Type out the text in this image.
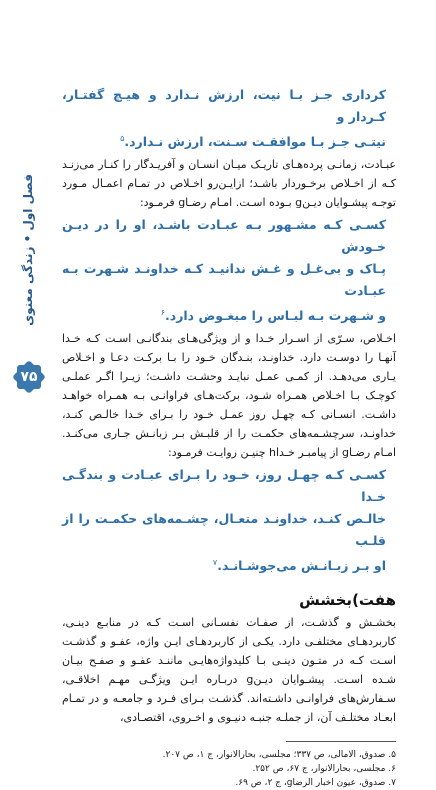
فصل اول • زندگی معنوی
۷۵
کرداری جـز بـا نیت، ارزش نـدارد و هیـچ گفتـار، کـردار و
نیتـی جـز بـا موافقـت سـنت، ارزش نـدارد.$^۵$

عبـادت، زمانـی پرده‌هـای تاریـک میـان انسـان و آفریـدگار را کنـار می‌زنـد کـه از اخـلاص برخـوردار باشـد؛ ازایـن‌رو اخـلاص در تمـام اعمـال مـورد توجـه پیشـوایان دیـنg بـوده اسـت. امـام رضـاg فرمـود:

کسـی کـه مشـهور بـه عبـادت باشـد، او را در دیـن خـودش
پـاک و بی‌غـل و غـش ندانیـد کـه خداونـد شـهرت بـه عبـادت
و شـهرت بـه لبـاس را مبغـوض دارد.$^۶$

اخـلاص، سـرّی از اسـرار خـدا و از ویژگی‌هـای بندگانـی اسـت کـه خـدا آنهـا را دوسـت دارد. خداونـد، بنـدگان خـود را بـا برکـت دعـا و اخـلاص یـاری می‌دهـد. از کمـی عمـل نبایـد وحشـت داشـت؛ زیـرا اگـر عملـی کوچـک بـا اخـلاص همـراه شـود، برکت‌هـای فراوانـی بـه همـراه خواهـد داشـت. انسـانی کـه چهـل روز عمـل خـود را بـرای خـدا خالـص کنـد، خداونـد، سرچشـمه‌های حکمـت را از قلبـش بـر زبانـش جـاری می‌کنـد. امـام رضـاg از پیامبـر خـداh چنیـن روایـت فرمـود:

کسـی کـه چهـل روز، خـود را بـرای عبـادت و بندگـی خـدا
خالـص کنـد، خداونـد متعـال، چشـمه‌های حکمـت را از قلـب
او بـر زبـانـش می‌جوشـانـد.$^۷$
هفت)بخشش

بخشـش و گذشـت، از صفـات نفسـانی اسـت کـه در منابـع دینـی، کاربردهـای مختلفـی دارد. یکـی از کاربردهـای ایـن واژه، عفـو و گذشـت اسـت کـه در متـون دینـی بـا کلیدواژه‌هایـی ماننـد عفـو و صفـح بیـان شـده اسـت. پیشـوایان دیـنg دربـاره ایـن ویژگـی مهـم اخلاقـی، سـفارش‌های فراوانـی داشـته‌اند. گذشـت بـرای فـرد و جامعـه و در تمـام ابعـاد مختلـف آن، از جملـه جنبـه دنیـوی و اخـروی، اقتصـادی،

۵. صدوق، الامالی، ص ۳۳۷؛ مجلسی، بحارالانوار، ج ۱، ص ۲۰۷.

۶. مجلسی، بحارالانوار، ج ۶۷، ص ۲۵۲.

۷. صدوق، عیون اخبار الرضاg، ج ۲، ص ۶۹.
